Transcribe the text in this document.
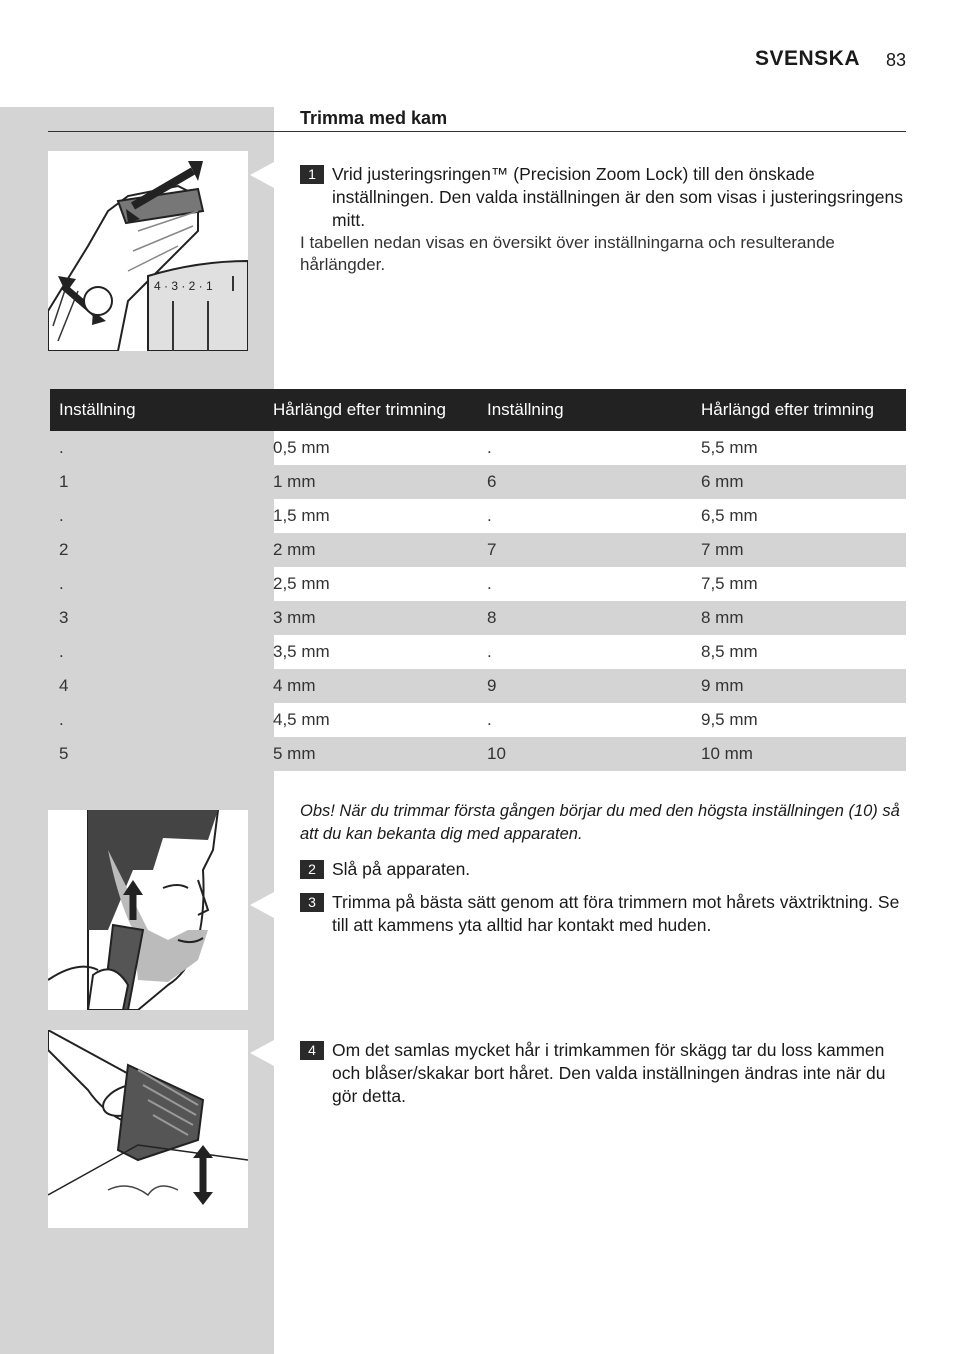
SVENSKA	83
Trimma med kam
4 · 3 · 2 · 1
1 Vrid justeringsringen™ (Precision Zoom Lock) till den önskade inställningen. Den valda inställningen är den som visas i justeringsringens mitt.
I tabellen nedan visas en översikt över inställningarna och resulterande hårlängder.
Inställning	Hårlängd efter trimning	Inställning	Hårlängd efter trimning
.	0,5 mm	.	5,5 mm
1	1 mm	6	6 mm
.	1,5 mm	.	6,5 mm
2	2 mm	7	7 mm
.	2,5 mm	.	7,5 mm
3	3 mm	8	8 mm
.	3,5 mm	.	8,5 mm
4	4 mm	9	9 mm
.	4,5 mm	.	9,5 mm
5	5 mm	10	10 mm
Obs! När du trimmar första gången börjar du med den högsta inställningen (10) så att du kan bekanta dig med apparaten.
2 Slå på apparaten.
3 Trimma på bästa sätt genom att föra trimmern mot hårets växtriktning. Se till att kammens yta alltid har kontakt med huden.
4 Om det samlas mycket hår i trimkammen för skägg tar du loss kammen och blåser/skakar bort håret. Den valda inställningen ändras inte när du gör detta.
